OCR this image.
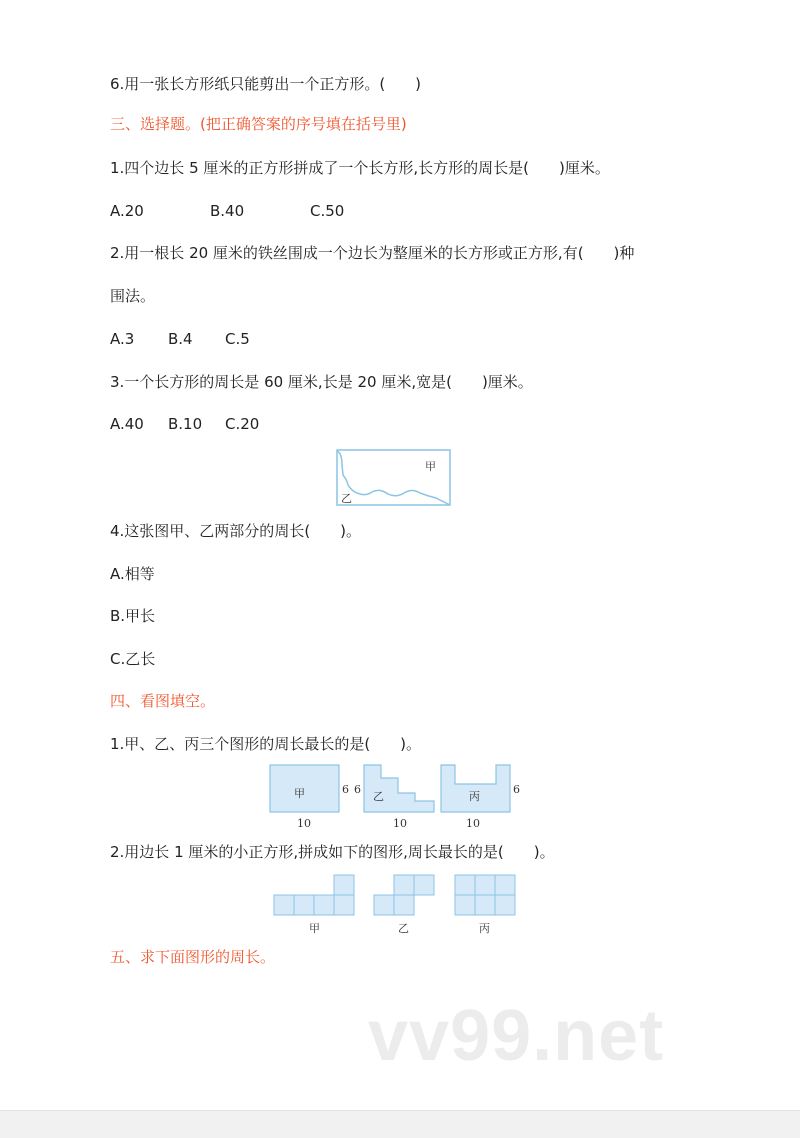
6.用一张长方形纸只能剪出一个正方形。(　　)
三、选择题。(把正确答案的序号填在括号里)
1.四个边长 5 厘米的正方形拼成了一个长方形,长方形的周长是(　　)厘米。
A.20	B.40	C.50
2.用一根长 20 厘米的铁丝围成一个边长为整厘米的长方形或正方形,有(　　)种
围法。
A.3 B.4 C.5
3.一个长方形的周长是 60 厘米,长是 20 厘米,宽是(　　)厘米。
A.40 B.10 C.20
4.这张图甲、乙两部分的周长(　　)。
A.相等
B.甲长
C.乙长
四、看图填空。
1.甲、乙、丙三个图形的周长最长的是(　　)。
2.用边长 1 厘米的小正方形,拼成如下的图形,周长最长的是(　　)。
五、求下面图形的周长。
甲
乙
甲	乙	丙
6 6	6
10	10	10
甲	乙	丙
vv99.net
